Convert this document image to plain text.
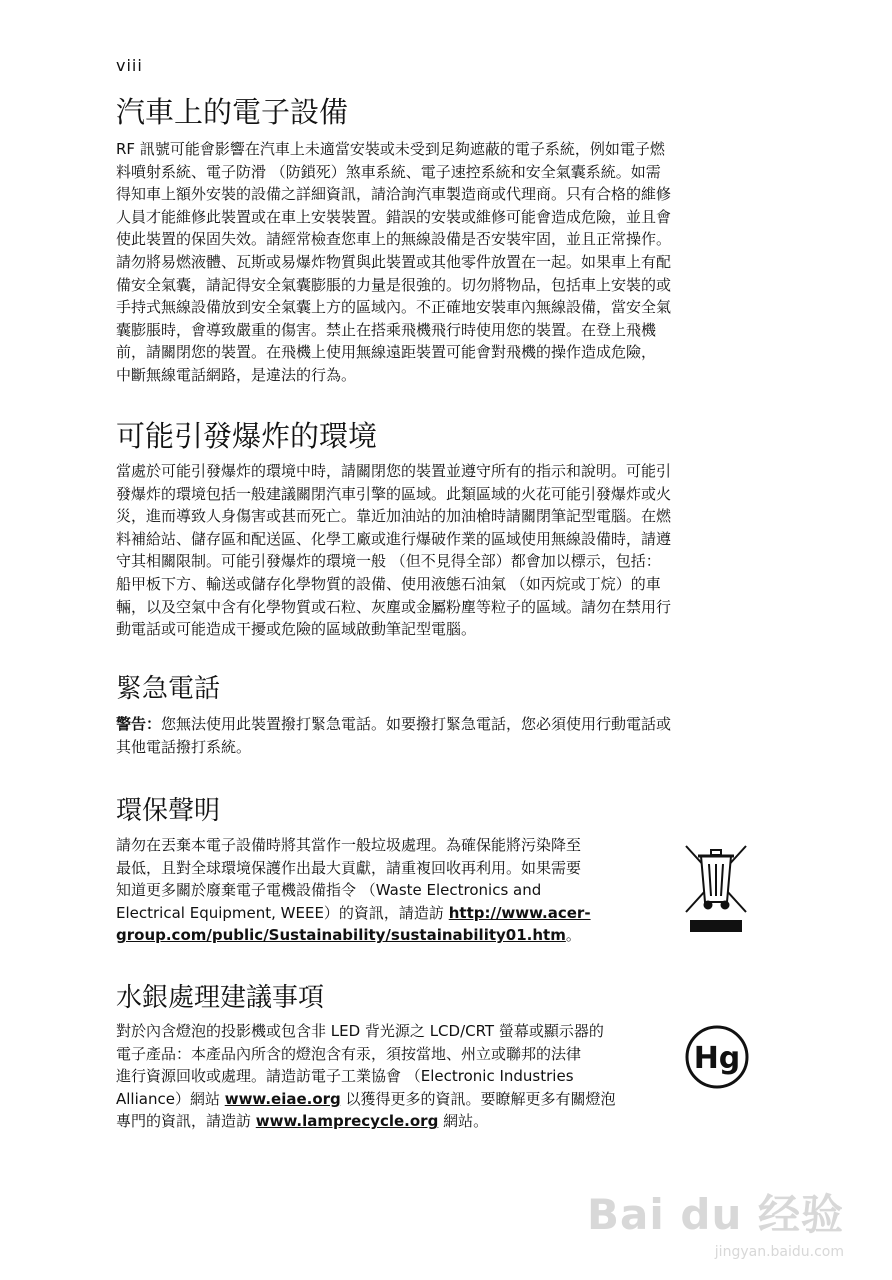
viii
汽車上的電子設備
RF 訊號可能會影響在汽車上未適當安裝或未受到足夠遮蔽的電子系統，例如電子燃
料噴射系統、電子防滑 （防鎖死）煞車系統、電子速控系統和安全氣囊系統。如需
得知車上額外安裝的設備之詳細資訊，請洽詢汽車製造商或代理商。只有合格的維修
人員才能維修此裝置或在車上安裝裝置。錯誤的安裝或維修可能會造成危險，並且會
使此裝置的保固失效。請經常檢查您車上的無線設備是否安裝牢固，並且正常操作。
請勿將易燃液體、瓦斯或易爆炸物質與此裝置或其他零件放置在一起。如果車上有配
備安全氣囊，請記得安全氣囊膨脹的力量是很強的。切勿將物品，包括車上安裝的或
手持式無線設備放到安全氣囊上方的區域內。不正確地安裝車內無線設備，當安全氣
囊膨脹時，會導致嚴重的傷害。禁止在搭乘飛機飛行時使用您的裝置。在登上飛機
前，請關閉您的裝置。在飛機上使用無線遠距裝置可能會對飛機的操作造成危險，
中斷無線電話網路，是違法的行為。
可能引發爆炸的環境
當處於可能引發爆炸的環境中時，請關閉您的裝置並遵守所有的指示和說明。可能引
發爆炸的環境包括一般建議關閉汽車引擎的區域。此類區域的火花可能引發爆炸或火
災，進而導致人身傷害或甚而死亡。靠近加油站的加油槍時請關閉筆記型電腦。在燃
料補給站、儲存區和配送區、化學工廠或進行爆破作業的區域使用無線設備時，請遵
守其相關限制。可能引發爆炸的環境一般 （但不見得全部）都會加以標示，包括：
船甲板下方、輸送或儲存化學物質的設備、使用液態石油氣 （如丙烷或丁烷）的車
輛，以及空氣中含有化學物質或石粒、灰塵或金屬粉塵等粒子的區域。請勿在禁用行
動電話或可能造成干擾或危險的區域啟動筆記型電腦。
緊急電話
警告：您無法使用此裝置撥打緊急電話。如要撥打緊急電話，您必須使用行動電話或
其他電話撥打系統。
環保聲明
請勿在丟棄本電子設備時將其當作一般垃圾處理。為確保能將污染降至
最低，且對全球環境保護作出最大貢獻，請重複回收再利用。如果需要
知道更多關於廢棄電子電機設備指令 （Waste Electronics and
Electrical Equipment, WEEE）的資訊，請造訪 http://www.acer-
group.com/public/Sustainability/sustainability01.htm。
水銀處理建議事項
對於內含燈泡的投影機或包含非 LED 背光源之 LCD/CRT 螢幕或顯示器的
電子產品：本產品內所含的燈泡含有汞，須按當地、州立或聯邦的法律
進行資源回收或處理。請造訪電子工業協會 （Electronic Industries
Alliance）網站 www.eiae.org 以獲得更多的資訊。要瞭解更多有關燈泡
專門的資訊，請造訪 www.lamprecycle.org 網站。
Hg
Bai du 经验
jingyan.baidu.com
